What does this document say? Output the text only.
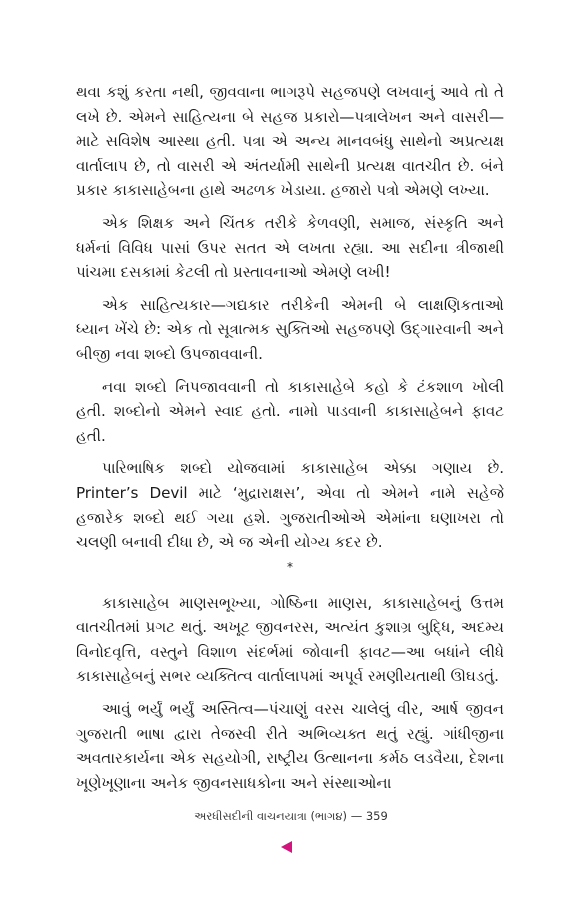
થવા કશું કરતા નથી, જીવવાના ભાગરૂપે સહજપણે લખવાનું આવે તો તે લખે છે. એમને સાહિત્યના બે સહજ પ્રકારો—પત્રાલેખન અને વાસરી—માટે સવિશેષ આસ્થા હતી. પત્રા એ અન્ય માનવબંધુ સાથેનો અપ્રત્યક્ષ વાર્તાલાપ છે, તો વાસરી એ અંતર્યામી સાથેની પ્રત્યક્ષ વાતચીત છે. બંને પ્રકાર કાકાસાહેબના હાથે અઢળક ખેડાયા. હજારો પત્રો એમણે લખ્યા.

એક શિક્ષક અને ચિંતક તરીકે કેળવણી, સમાજ, સંસ્કૃતિ અને ધર્મનાં વિવિધ પાસાં ઉપર સતત એ લખતા રહ્યા. આ સદીના ત્રીજાથી પાંચમા દસકામાં કેટલી તો પ્રસ્તાવનાઓ એમણે લખી!

એક સાહિત્યકાર—ગદ્યકાર તરીકેની એમની બે લાક્ષણિકતાઓ ધ્યાન ખેંચે છે: એક તો સૂત્રાત્મક સુક્તિઓ સહજપણે ઉદ્ગારવાની અને બીજી નવા શબ્દો ઉપજાવવાની.

નવા શબ્દો નિપજાવવાની તો કાકાસાહેબે કહો કે ટંકશાળ ખોલી હતી. શબ્દોનો એમને સ્વાદ હતો. નામો પાડવાની કાકાસાહેબને ફાવટ હતી.

પારિભાષિક શબ્દો યોજવામાં કાકાસાહેબ એક્કા ગણાય છે. Printer’s Devil માટે ‘મુદ્રારાક્ષસ’, એવા તો એમને નામે સહેજે હજારેક શબ્દો થઈ ગયા હશે. ગુજરાતીઓએ એમાંના ઘણાખરા તો ચલણી બનાવી દીધા છે, એ જ એની યોગ્ય કદર છે.

*

કાકાસાહેબ માણસભૂખ્યા, ગોષ્ઠિના માણસ, કાકાસાહેબનું ઉત્તમ વાતચીતમાં પ્રગટ થતું. અખૂટ જીવનરસ, અત્યંત કુશાગ્ર બુદ્ધિ, અદમ્ય વિનોદવૃત્તિ, વસ્તુને વિશાળ સંદર્ભમાં જોવાની ફાવટ—આ બધાંને લીધે કાકાસાહેબનું સભર વ્યક્તિત્વ વાર્તાલાપમાં અપૂર્વ રમણીયતાથી ઊઘડતું.

આવું ભર્યું ભર્યું અસ્તિત્વ—પંચાણું વરસ ચાલેલું વીર, આર્ષ જીવન ગુજરાતી ભાષા દ્વારા તેજસ્વી રીતે અભિવ્યક્ત થતું રહ્યું. ગાંધીજીના અવતારકાર્યના એક સહયોગી, રાષ્ટ્રીય ઉત્થાનના કર્મઠ લડવૈયા, દેશના ખૂણેખૂણાના અનેક જીવનસાધકોના અને સંસ્થાઓના

અરધીસદીની વાચનયાત્રા (ભાગ૪) — 359
